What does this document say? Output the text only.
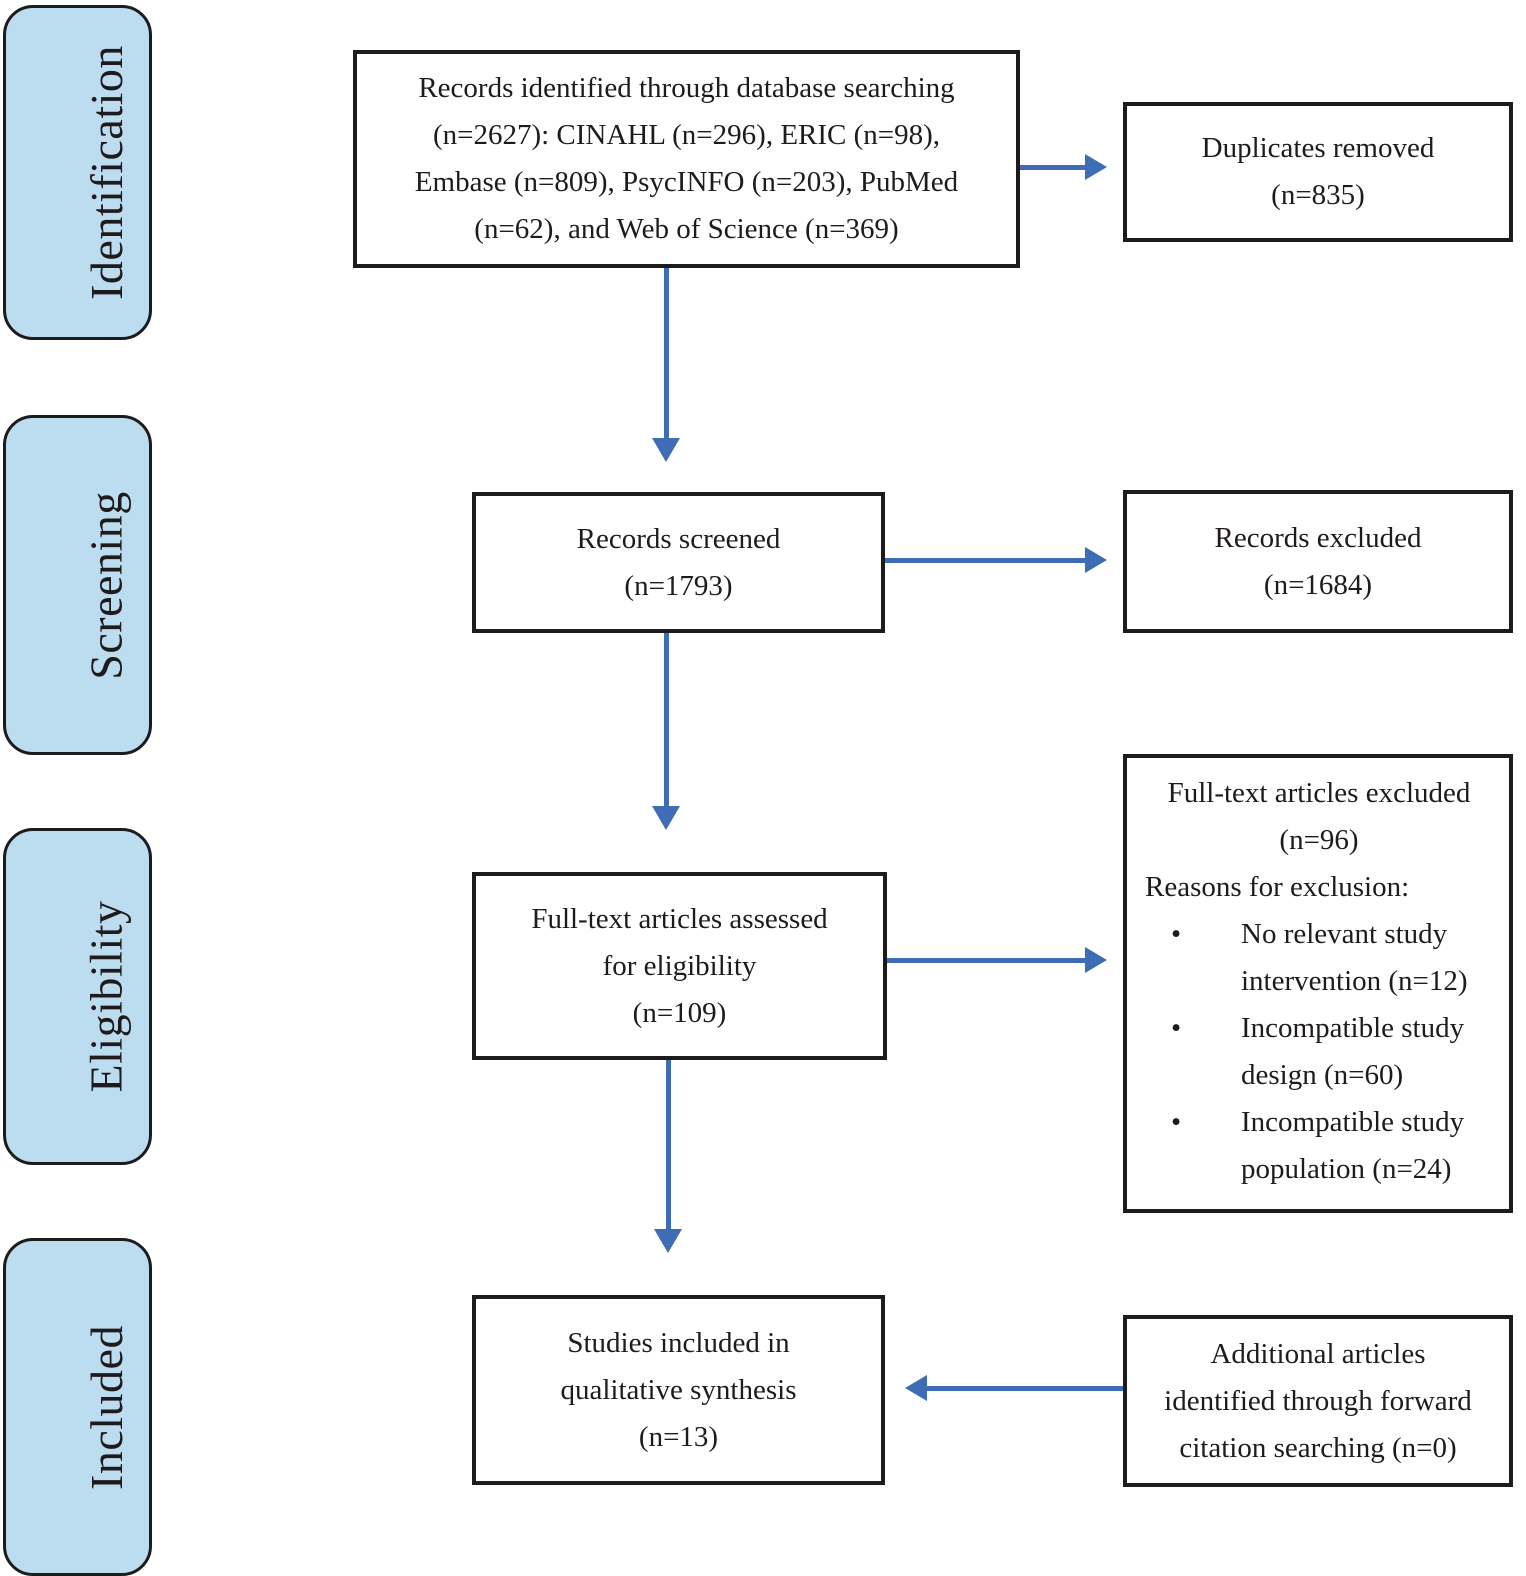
Identification
Screening
Eligibility
Included
Records identified through database searching
(n=2627): CINAHL (n=296), ERIC (n=98),
Embase (n=809), PsycINFO (n=203), PubMed
(n=62), and Web of Science (n=369)
Records screened
(n=1793)
Full-text articles assessed
for eligibility
(n=109)
Studies included in
qualitative synthesis
(n=13)
Duplicates removed
(n=835)
Records excluded
(n=1684)
Full-text articles excluded
(n=96)
Reasons for exclusion:
• No relevant study intervention (n=12)
• Incompatible study design (n=60)
• Incompatible study population (n=24)
Additional articles
identified through forward
citation searching (n=0)
